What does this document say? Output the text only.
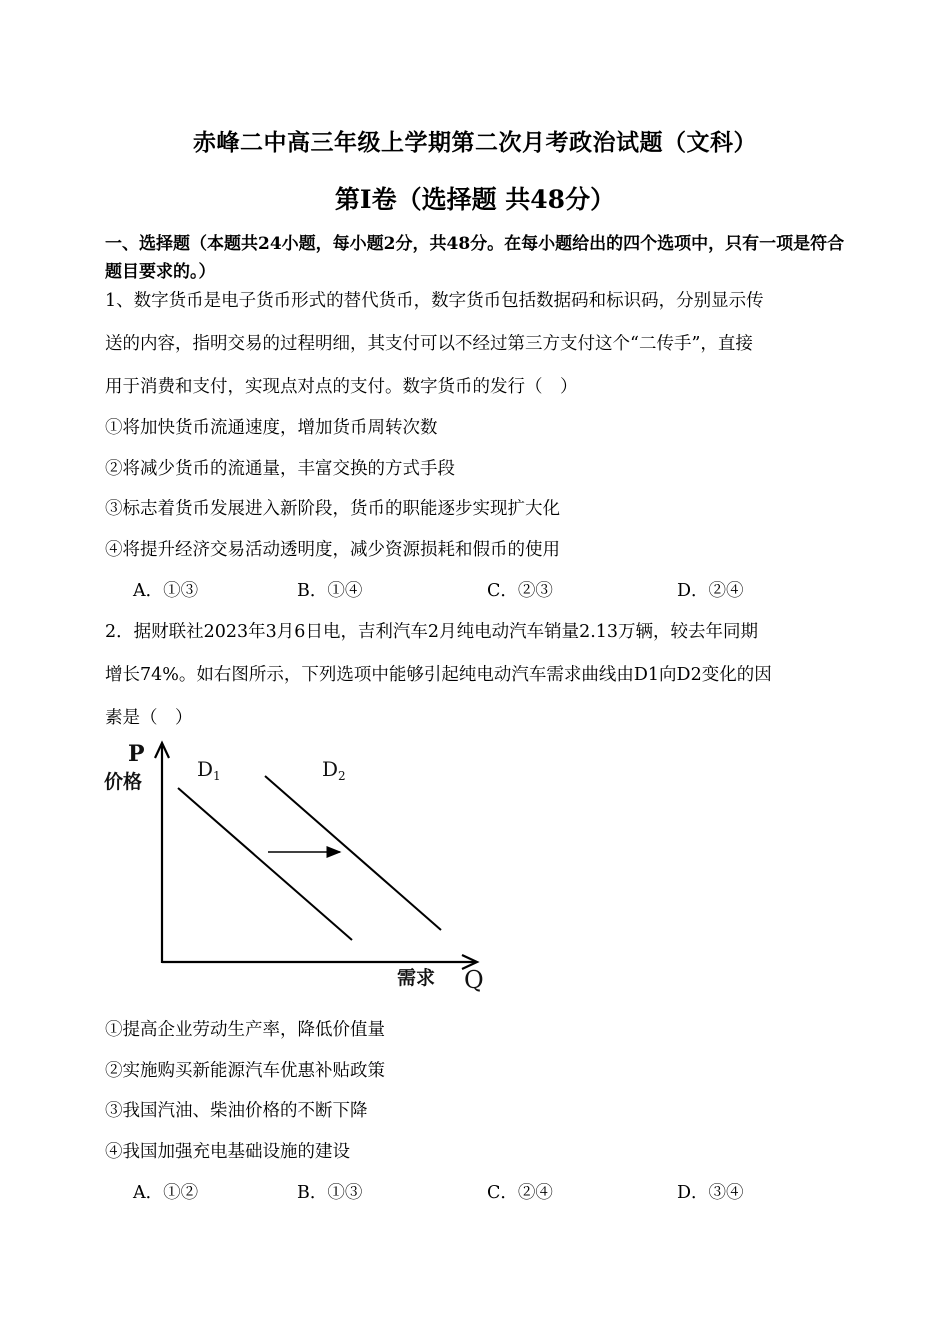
赤峰二中高三年级上学期第二次月考政治试题（文科）
第Ⅰ卷（选择题 共48分）
一、选择题（本题共24小题，每小题2分，共48分。在每小题给出的四个选项中，只有一项是符合题目要求的。）
1、数字货币是电子货币形式的替代货币，数字货币包括数据码和标识码，分别显示传
送的内容，指明交易的过程明细，其支付可以不经过第三方支付这个“二传手”，直接
用于消费和支付，实现点对点的支付。数字货币的发行（　）
①将加快货币流通速度，增加货币周转次数
②将减少货币的流通量，丰富交换的方式手段
③标志着货币发展进入新阶段，货币的职能逐步实现扩大化
④将提升经济交易活动透明度，减少资源损耗和假币的使用
A．①③	B．①④	C．②③	D．②④
2．据财联社2023年3月6日电，吉利汽车2月纯电动汽车销量2.13万辆，较去年同期
增长74%。如右图所示，下列选项中能够引起纯电动汽车需求曲线由D1向D2变化的因
素是（　）
P
价格
$D_1$	$D_2$
需求 Q
①提高企业劳动生产率，降低价值量
②实施购买新能源汽车优惠补贴政策
③我国汽油、柴油价格的不断下降
④我国加强充电基础设施的建设
A．①②	B．①③	C．②④	D．③④
